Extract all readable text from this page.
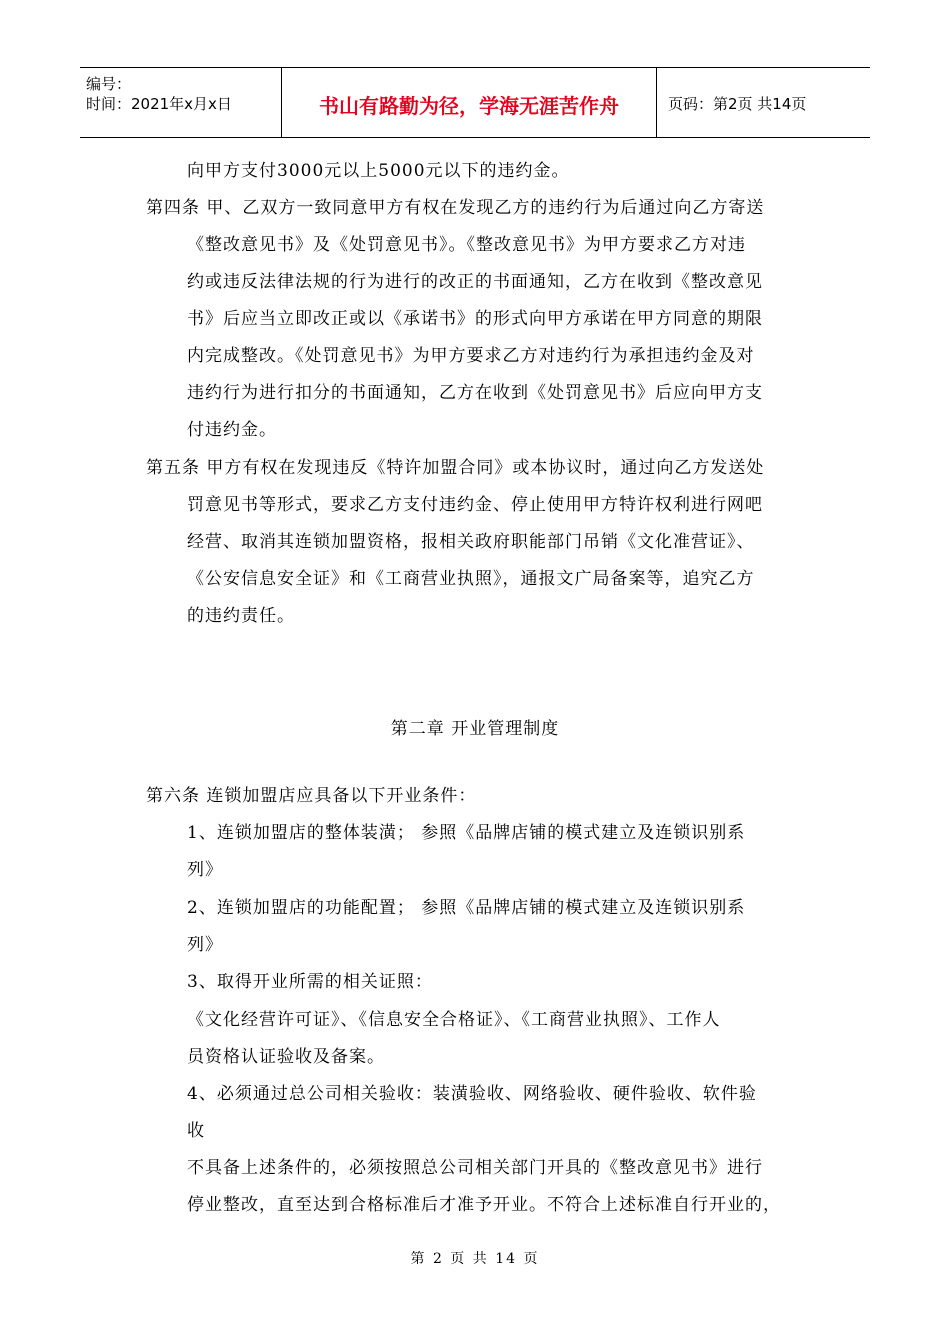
编号：
时间：2021年x月x日	书山有路勤为径，学海无涯苦作舟	页码：第2页 共14页
向甲方支付3000元以上5000元以下的违约金。
第四条 甲、乙双方一致同意甲方有权在发现乙方的违约行为后通过向乙方寄送
《整改意见书》及《处罚意见书》。《整改意见书》为甲方要求乙方对违
约或违反法律法规的行为进行的改正的书面通知，乙方在收到《整改意见
书》后应当立即改正或以《承诺书》的形式向甲方承诺在甲方同意的期限
内完成整改。《处罚意见书》为甲方要求乙方对违约行为承担违约金及对
违约行为进行扣分的书面通知，乙方在收到《处罚意见书》后应向甲方支
付违约金。
第五条 甲方有权在发现违反《特许加盟合同》或本协议时，通过向乙方发送处
罚意见书等形式，要求乙方支付违约金、停止使用甲方特许权利进行网吧
经营、取消其连锁加盟资格，报相关政府职能部门吊销《文化准营证》、
《公安信息安全证》和《工商营业执照》，通报文广局备案等，追究乙方
的违约责任。
第二章 开业管理制度
第六条 连锁加盟店应具备以下开业条件：
1、连锁加盟店的整体装潢； 参照《品牌店铺的模式建立及连锁识别系
列》
2、连锁加盟店的功能配置； 参照《品牌店铺的模式建立及连锁识别系
列》
3、取得开业所需的相关证照：
《文化经营许可证》、《信息安全合格证》、《工商营业执照》、工作人
员资格认证验收及备案。
4、必须通过总公司相关验收：装潢验收、网络验收、硬件验收、软件验
收
不具备上述条件的，必须按照总公司相关部门开具的《整改意见书》进行
停业整改，直至达到合格标准后才准予开业。不符合上述标准自行开业的，
第 2 页 共 14 页
